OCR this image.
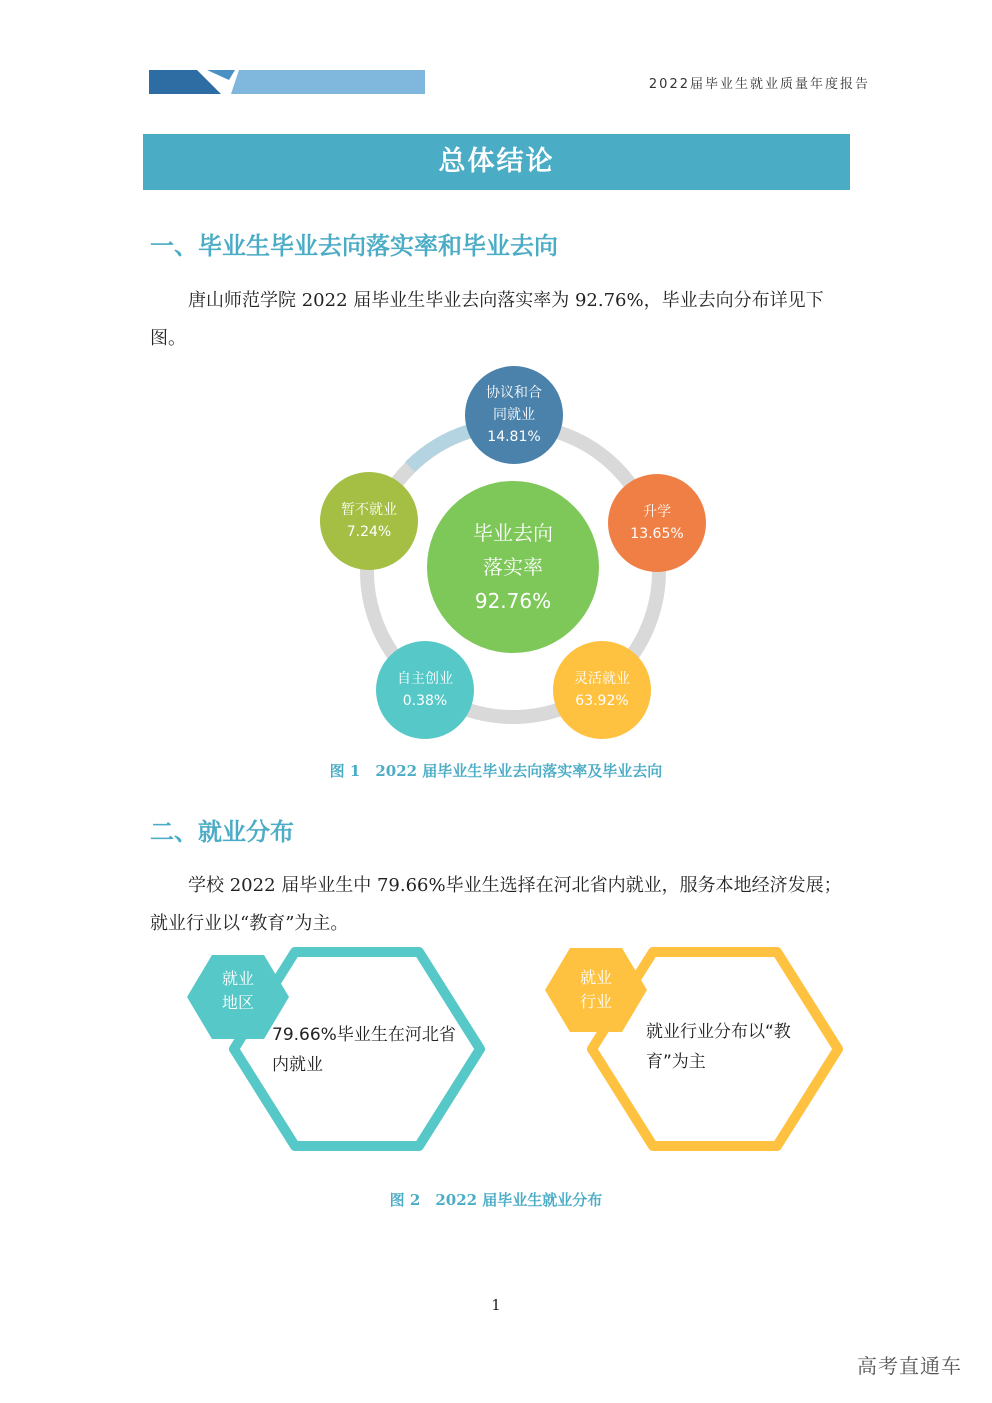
2022届毕业生就业质量年度报告
总体结论
一、毕业生毕业去向落实率和毕业去向

唐山师范学院 2022 届毕业生毕业去向落实率为 92.76%，毕业去向分布详见下图。

毕业去向
落实率
92.76%
协议和合
同就业
14.81%
升学
13.65%
灵活就业
63.92%
自主创业
0.38%
暂不就业
7.24%
图 1　2022 届毕业生毕业去向落实率及毕业去向
二、就业分布

学校 2022 届毕业生中 79.66%毕业生选择在河北省内就业，服务本地经济发展；就业行业以“教育”为主。

就业
地区
79.66%毕业生在河北省
内就业
就业
行业
就业行业分布以“教
育”为主
图 2　2022 届毕业生就业分布
1
高考直通车
